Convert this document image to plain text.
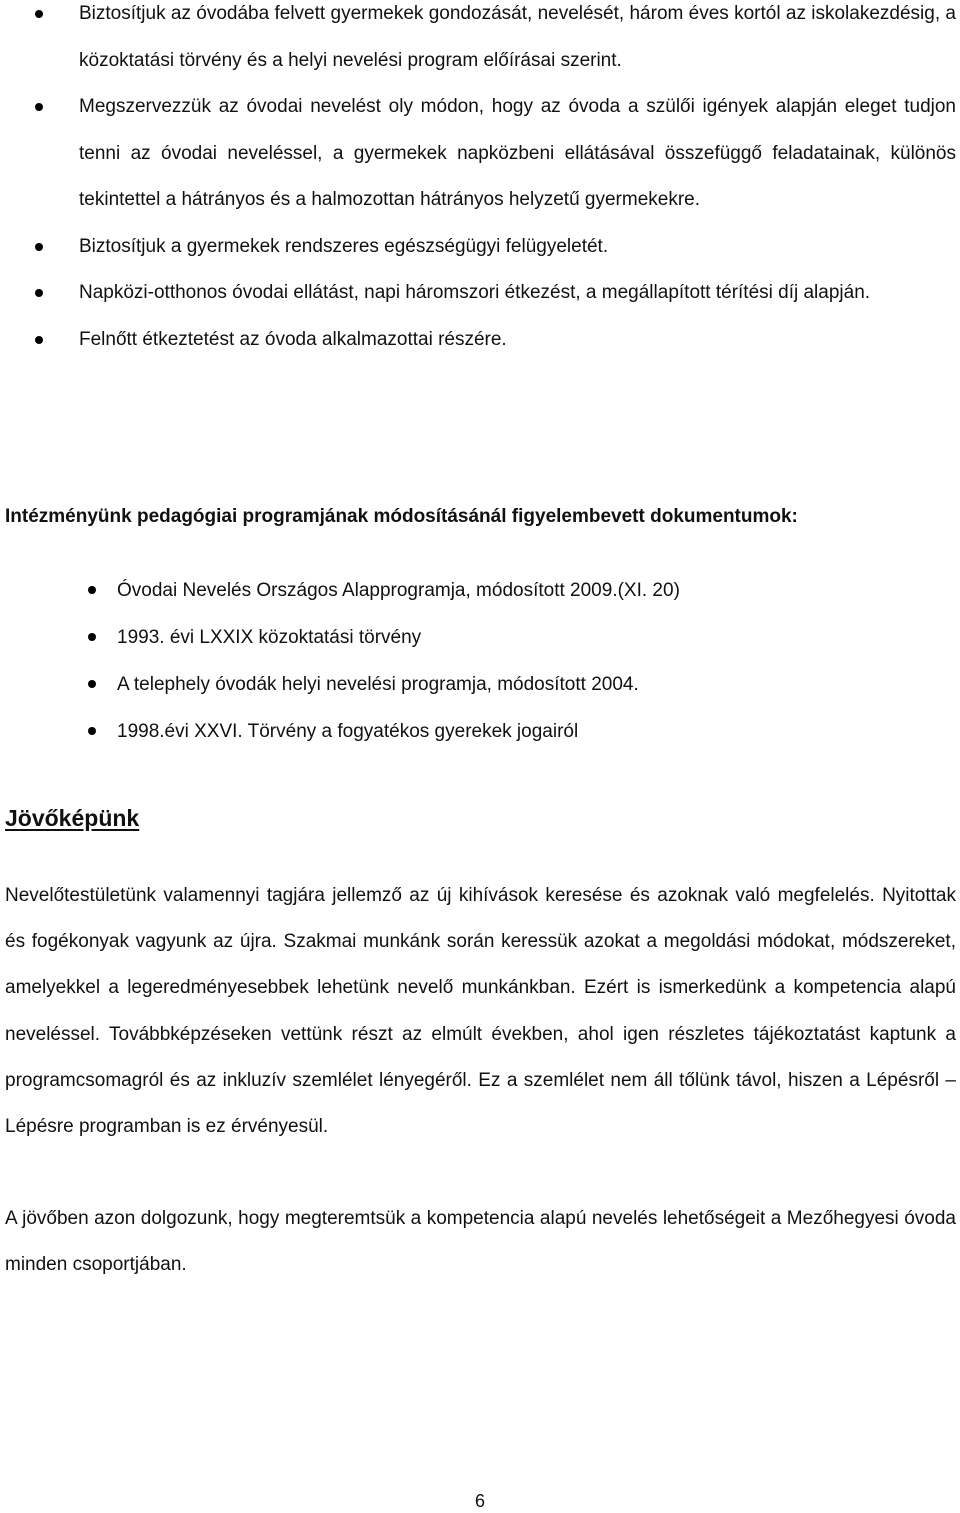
Biztosítjuk az óvodába felvett gyermekek gondozását, nevelését, három éves kortól az iskolakezdésig, a közoktatási törvény és a helyi nevelési program előírásai szerint.
Megszervezzük az óvodai nevelést oly módon, hogy az óvoda a szülői igények alapján eleget tudjon tenni az óvodai neveléssel, a gyermekek napközbeni ellátásával összefüggő feladatainak, különös tekintettel a hátrányos és a halmozottan hátrányos helyzetű gyermekekre.
Biztosítjuk a gyermekek rendszeres egészségügyi felügyeletét.
Napközi-otthonos óvodai ellátást, napi háromszori étkezést, a megállapított térítési díj alapján.
Felnőtt étkeztetést az óvoda alkalmazottai részére.
Intézményünk pedagógiai programjának módosításánál figyelembevett dokumentumok:
Óvodai Nevelés Országos Alapprogramja, módosított 2009.(XI. 20)
1993. évi LXXIX közoktatási törvény
A telephely óvodák helyi nevelési programja, módosított 2004.
1998.évi XXVI. Törvény a fogyatékos gyerekek jogairól
Jövőképünk

Nevelőtestületünk valamennyi tagjára jellemző az új kihívások keresése és azoknak való megfelelés. Nyitottak és fogékonyak vagyunk az újra. Szakmai munkánk során keressük azokat a megoldási módokat, módszereket, amelyekkel a legeredményesebbek lehetünk nevelő munkánkban. Ezért is ismerkedünk a kompetencia alapú neveléssel. Továbbképzéseken vettünk részt az elmúlt években, ahol igen részletes tájékoztatást kaptunk a programcsomagról és az inkluzív szemlélet lényegéről. Ez a szemlélet nem áll tőlünk távol, hiszen a Lépésről – Lépésre programban is ez érvényesül.

A jövőben azon dolgozunk, hogy megteremtsük a kompetencia alapú nevelés lehetőségeit a Mezőhegyesi óvoda minden csoportjában.

6
